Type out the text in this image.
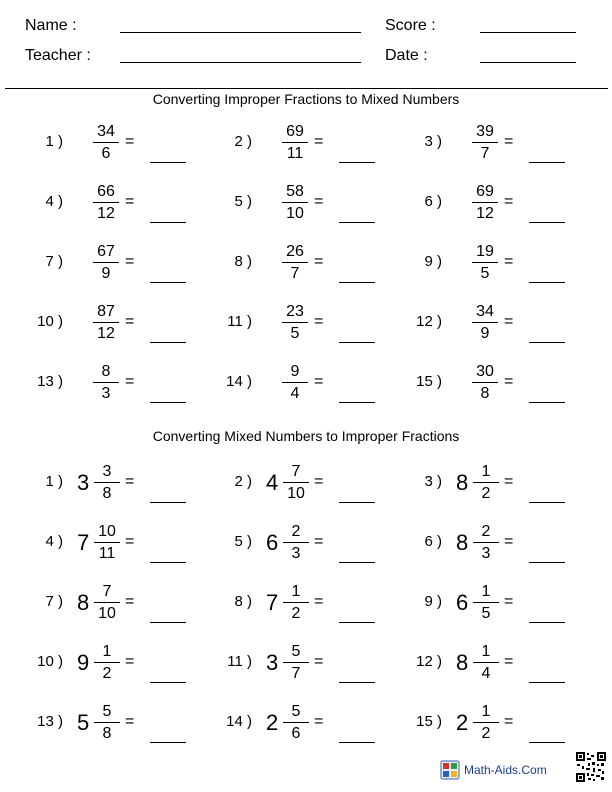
Name :	Score :
Teacher :	Date :
Converting Improper Fractions to Mixed Numbers
Converting Mixed Numbers to Improper Fractions
1 )
34
6
=	2 )
69
11
=	3 )
39
7
=
4 )
66
12
=	5 )
58
10
=	6 )
69
12
=
7 )
67
9
=	8 )
26
7
=	9 )
19
5
=
10 )
87
12
=	11 )
23
5
=	12 )
34
9
=
13 )
8
3
=	14 )
9
4
=	15 )
30
8
=
1 ) 3 3
8
=	2 ) 4 7
10
=	3 ) 8 1
2
=
4 ) 7 10
11
=	5 ) 6 2
3
=	6 ) 8 2
3
=
7 ) 8 7
10
=	8 ) 7 1
2
=	9 ) 6 1
5
=
10 ) 9 1
2
=	11 ) 3 5
7
=	12 ) 8 1
4
=
13 ) 5 5
8
=	14 ) 2 5
6
=	15 ) 2 1
2
=
Math-Aids.Com
